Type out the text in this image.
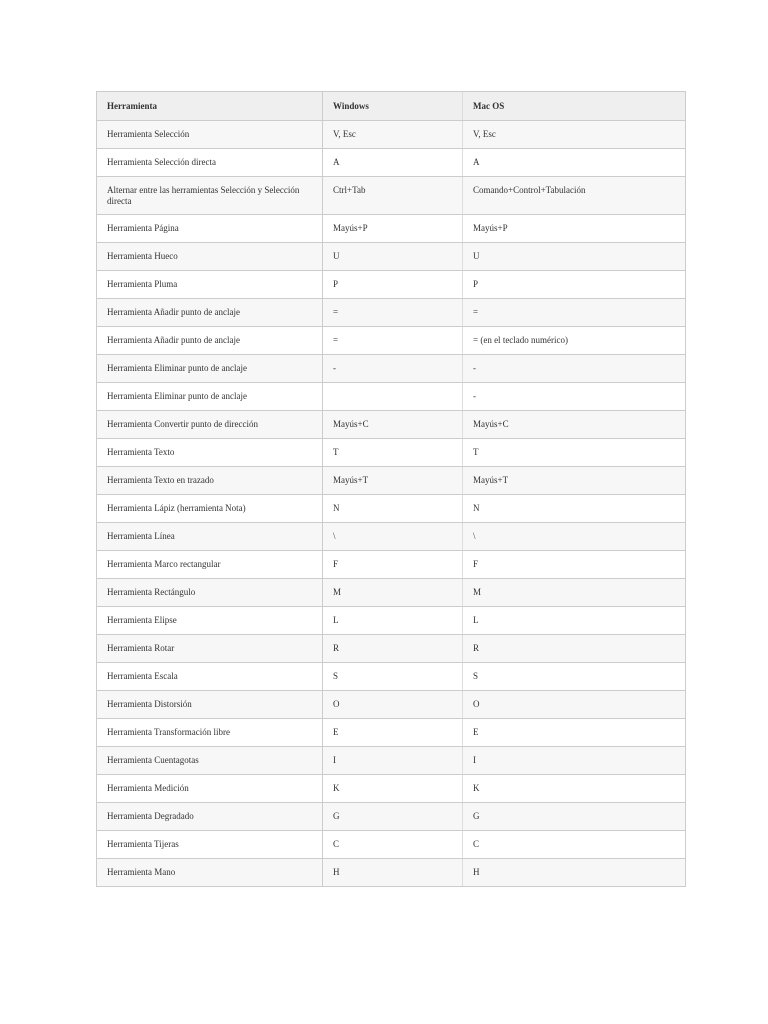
Herramienta	Windows	Mac OS
Herramienta Selección	V, Esc	V, Esc
Herramienta Selección directa	A	A
Alternar entre las herramientas Selección y Selección directa	Ctrl+Tab	Comando+Control+Tabulación
Herramienta Página	Mayús+P	Mayús+P
Herramienta Hueco	U	U
Herramienta Pluma	P	P
Herramienta Añadir punto de anclaje	=	=
Herramienta Añadir punto de anclaje	=	= (en el teclado numérico)
Herramienta Eliminar punto de anclaje	-	-
Herramienta Eliminar punto de anclaje		-
Herramienta Convertir punto de dirección	Mayús+C	Mayús+C
Herramienta Texto	T	T
Herramienta Texto en trazado	Mayús+T	Mayús+T
Herramienta Lápiz (herramienta Nota)	N	N
Herramienta Línea	\	\
Herramienta Marco rectangular	F	F
Herramienta Rectángulo	M	M
Herramienta Elipse	L	L
Herramienta Rotar	R	R
Herramienta Escala	S	S
Herramienta Distorsión	O	O
Herramienta Transformación libre	E	E
Herramienta Cuentagotas	I	I
Herramienta Medición	K	K
Herramienta Degradado	G	G
Herramienta Tijeras	C	C
Herramienta Mano	H	H
